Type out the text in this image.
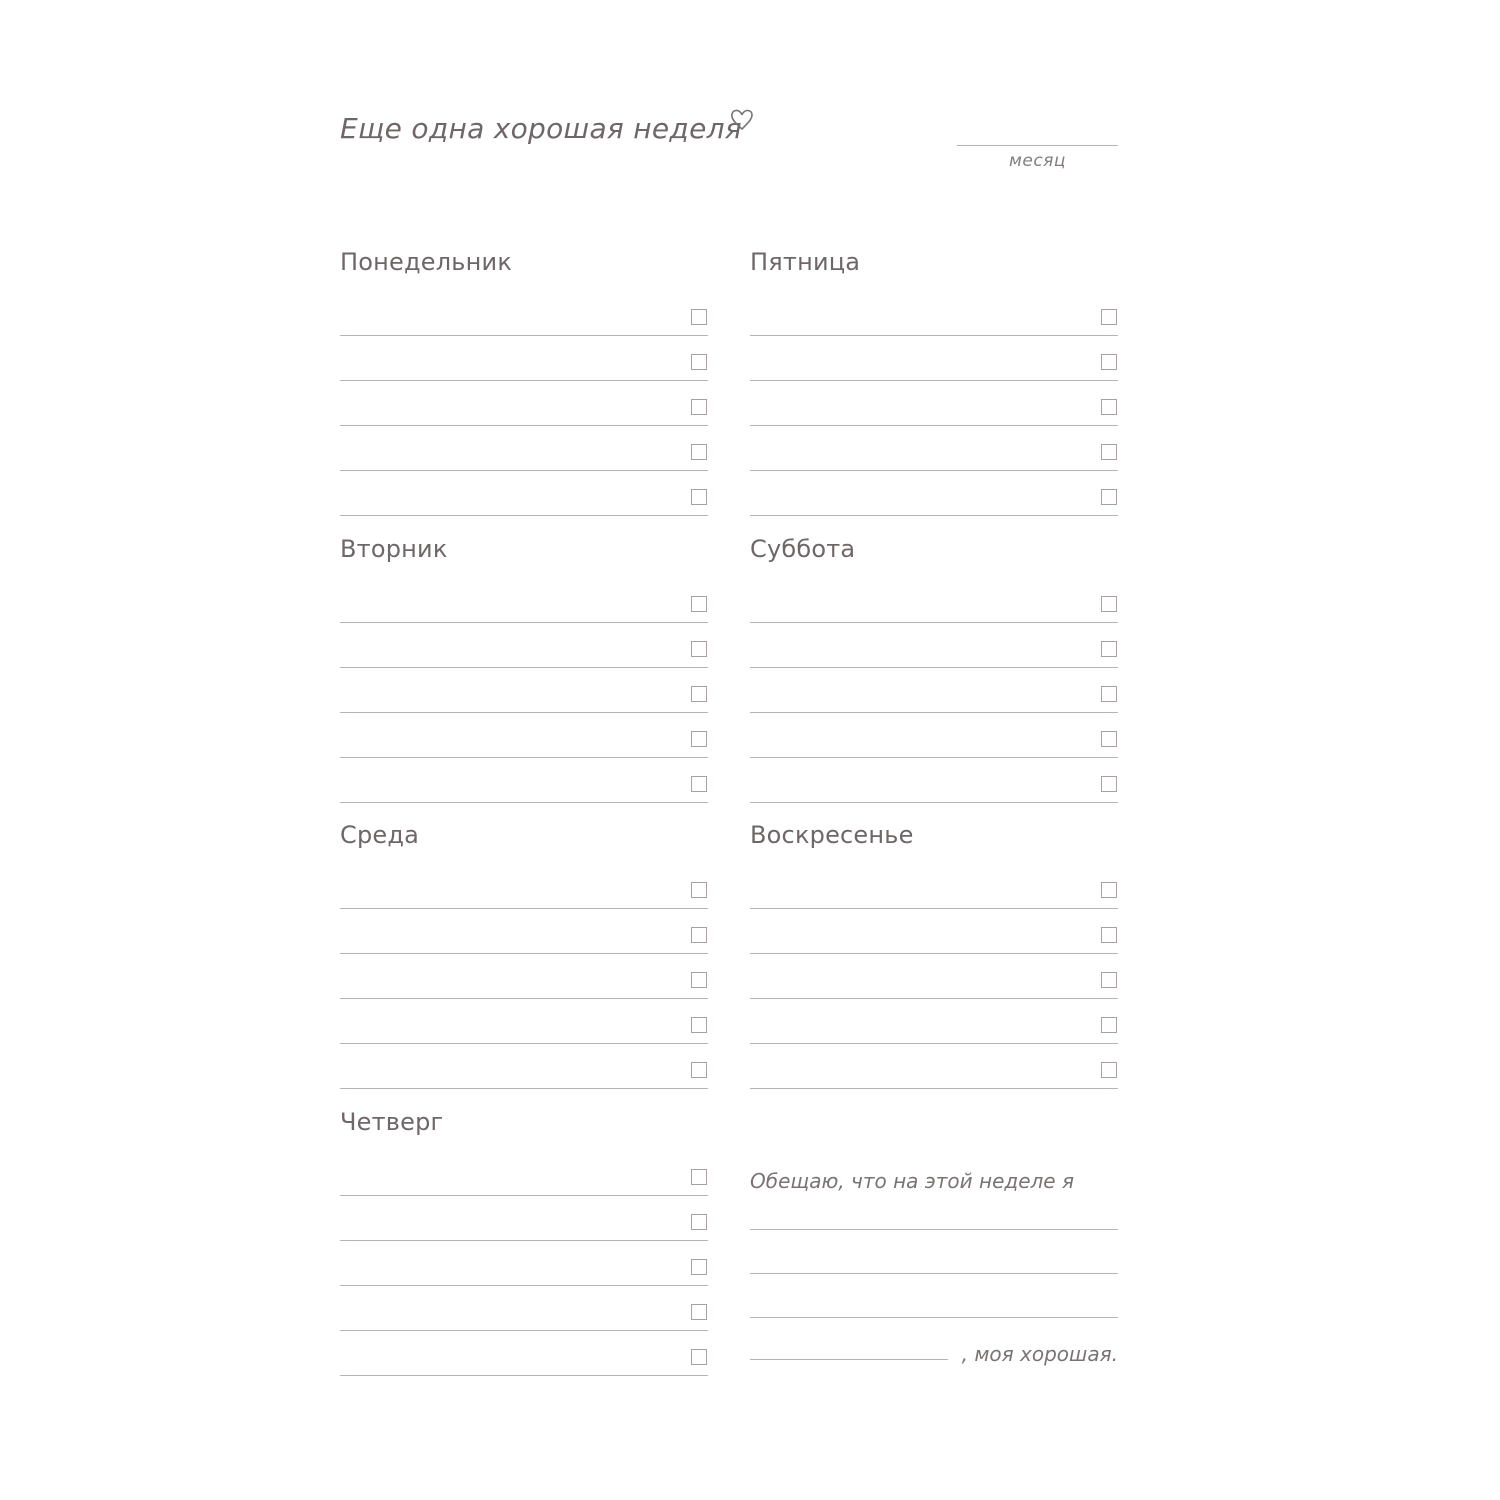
Еще одна хорошая неделя
месяц
Понедельник
Вторник
Среда
Четверг
Пятница
Суббота
Воскресенье
Обещаю, что на этой неделе я
, моя хорошая.
